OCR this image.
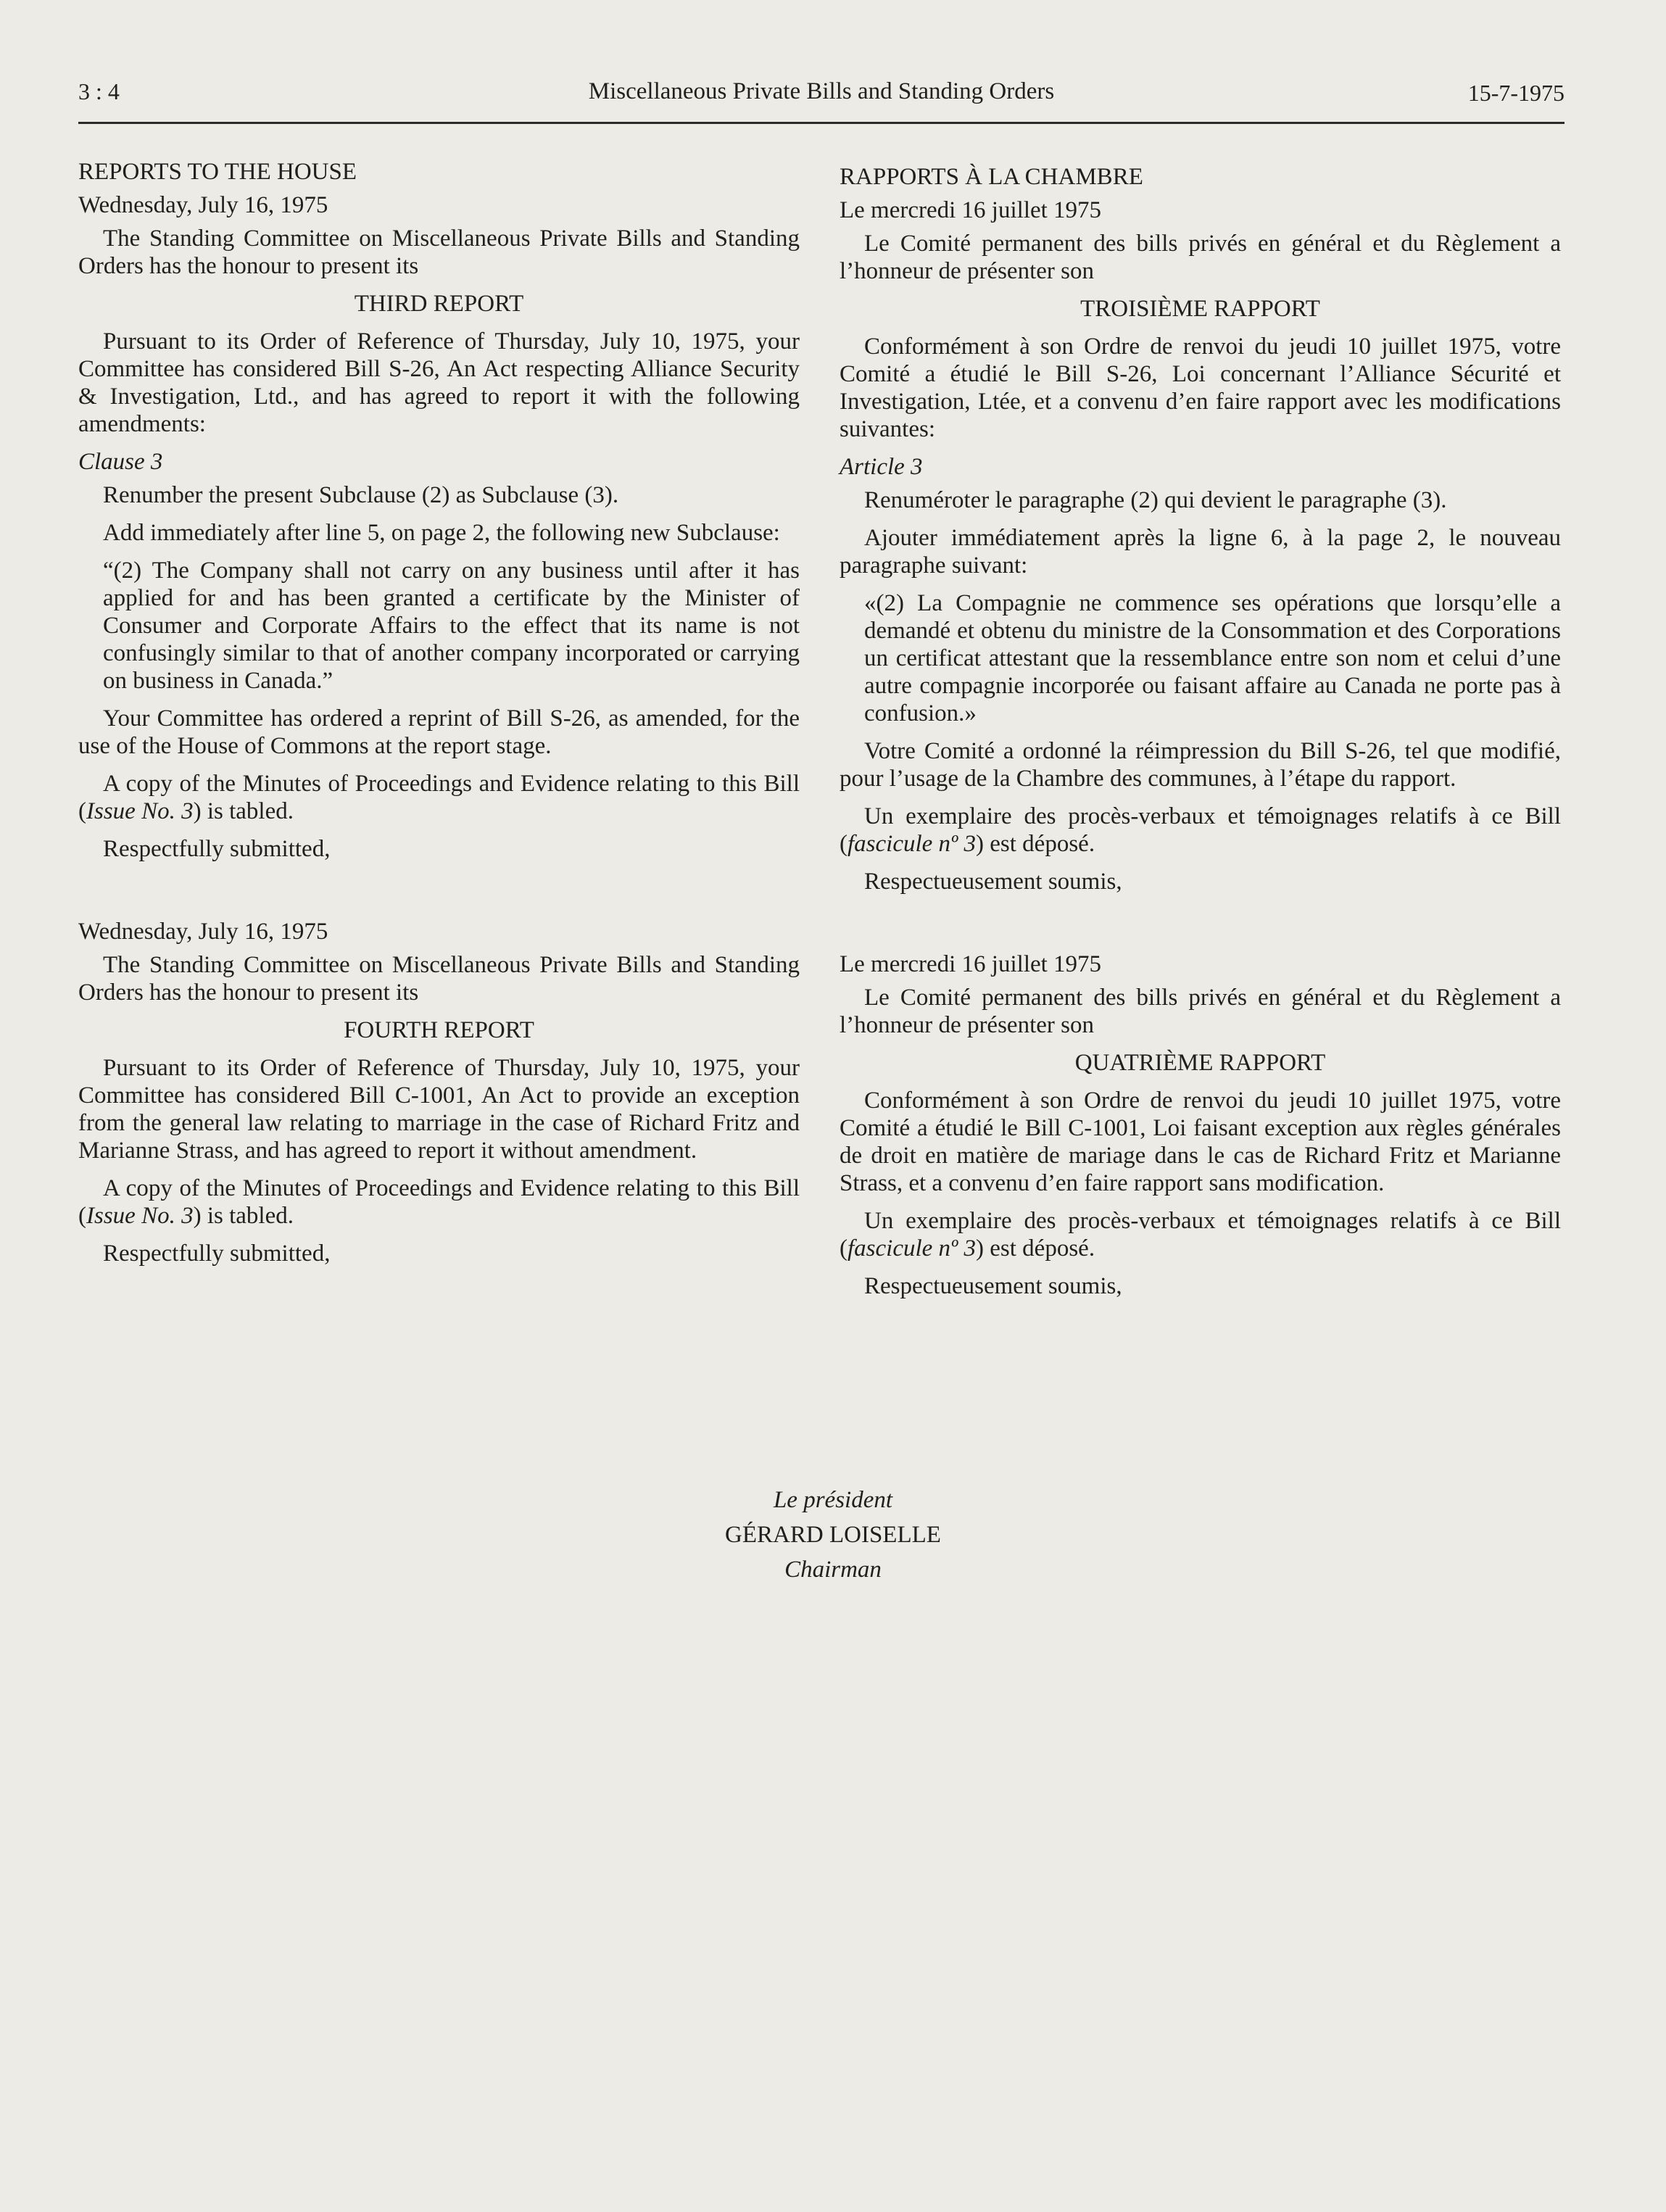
3 : 4	Miscellaneous Private Bills and Standing Orders	15-7-1975

REPORTS TO THE HOUSE

Wednesday, July 16, 1975

The Standing Committee on Miscellaneous Private Bills and Standing Orders has the honour to present its

THIRD REPORT

Pursuant to its Order of Reference of Thursday, July 10, 1975, your Committee has considered Bill S-26, An Act respecting Alliance Security & Investigation, Ltd., and has agreed to report it with the following amendments:

Clause 3

Renumber the present Subclause (2) as Subclause (3).

Add immediately after line 5, on page 2, the following new Subclause:

“(2) The Company shall not carry on any business until after it has applied for and has been granted a certificate by the Minister of Consumer and Corporate Affairs to the effect that its name is not confusingly similar to that of another company incorporated or carrying on business in Canada.”

Your Committee has ordered a reprint of Bill S-26, as amended, for the use of the House of Commons at the report stage.

A copy of the Minutes of Proceedings and Evidence relating to this Bill (Issue No. 3) is tabled.

Respectfully submitted,

Wednesday, July 16, 1975

The Standing Committee on Miscellaneous Private Bills and Standing Orders has the honour to present its

FOURTH REPORT

Pursuant to its Order of Reference of Thursday, July 10, 1975, your Committee has considered Bill C-1001, An Act to provide an exception from the general law relating to marriage in the case of Richard Fritz and Marianne Strass, and has agreed to report it without amendment.

A copy of the Minutes of Proceedings and Evidence relating to this Bill (Issue No. 3) is tabled.

Respectfully submitted,

RAPPORTS À LA CHAMBRE

Le mercredi 16 juillet 1975

Le Comité permanent des bills privés en général et du Règlement a l’honneur de présenter son

TROISIÈME RAPPORT

Conformément à son Ordre de renvoi du jeudi 10 juillet 1975, votre Comité a étudié le Bill S-26, Loi concernant l’Alliance Sécurité et Investigation, Ltée, et a convenu d’en faire rapport avec les modifications suivantes:

Article 3

Renuméroter le paragraphe (2) qui devient le paragraphe (3).

Ajouter immédiatement après la ligne 6, à la page 2, le nouveau paragraphe suivant:

«(2) La Compagnie ne commence ses opérations que lorsqu’elle a demandé et obtenu du ministre de la Consommation et des Corporations un certificat attestant que la ressemblance entre son nom et celui d’une autre compagnie incorporée ou faisant affaire au Canada ne porte pas à confusion.»

Votre Comité a ordonné la réimpression du Bill S-26, tel que modifié, pour l’usage de la Chambre des communes, à l’étape du rapport.

Un exemplaire des procès-verbaux et témoignages relatifs à ce Bill (fascicule nº 3) est déposé.

Respectueusement soumis,

Le mercredi 16 juillet 1975

Le Comité permanent des bills privés en général et du Règlement a l’honneur de présenter son

QUATRIÈME RAPPORT

Conformément à son Ordre de renvoi du jeudi 10 juillet 1975, votre Comité a étudié le Bill C-1001, Loi faisant exception aux règles générales de droit en matière de mariage dans le cas de Richard Fritz et Marianne Strass, et a convenu d’en faire rapport sans modification.

Un exemplaire des procès-verbaux et témoignages relatifs à ce Bill (fascicule nº 3) est déposé.

Respectueusement soumis,

Le président
GÉRARD LOISELLE
Chairman
